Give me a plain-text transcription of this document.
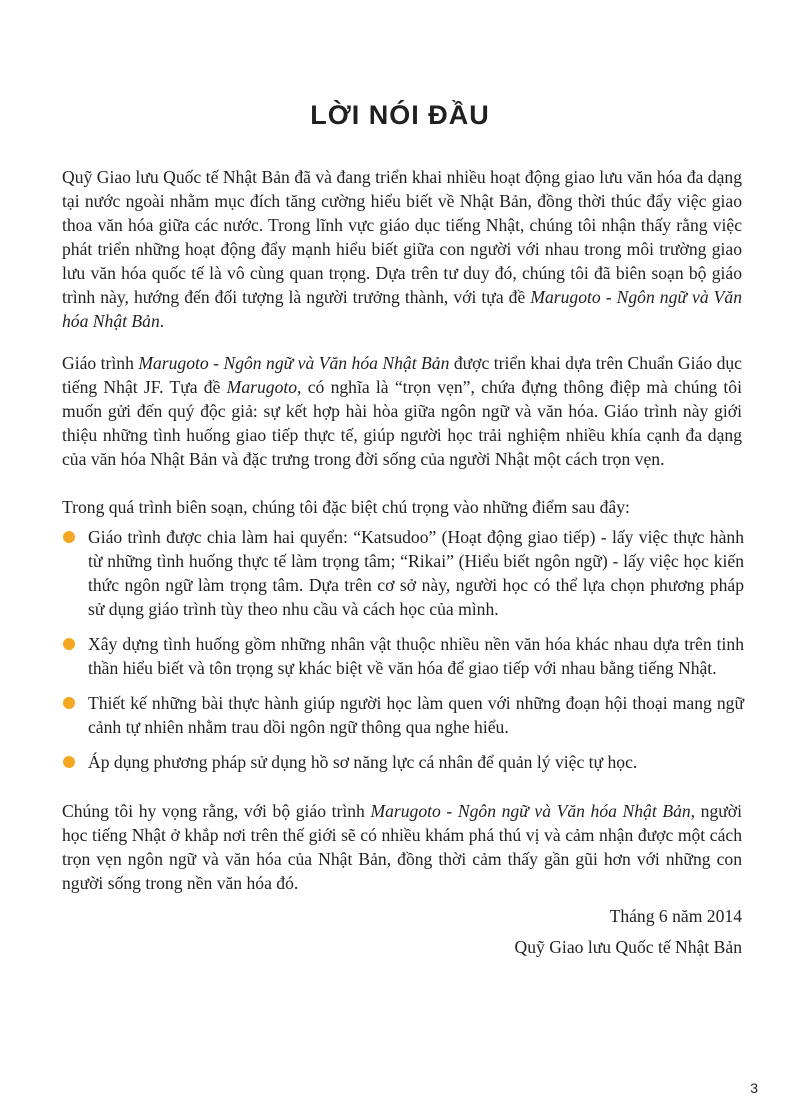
LỜI NÓI ĐẦU

Quỹ Giao lưu Quốc tế Nhật Bản đã và đang triển khai nhiều hoạt động giao lưu văn hóa đa dạng tại nước ngoài nhằm mục đích tăng cường hiểu biết về Nhật Bản, đồng thời thúc đẩy việc giao thoa văn hóa giữa các nước. Trong lĩnh vực giáo dục tiếng Nhật, chúng tôi nhận thấy rằng việc phát triển những hoạt động đẩy mạnh hiểu biết giữa con người với nhau trong môi trường giao lưu văn hóa quốc tế là vô cùng quan trọng. Dựa trên tư duy đó, chúng tôi đã biên soạn bộ giáo trình này, hướng đến đối tượng là người trưởng thành, với tựa đề Marugoto - Ngôn ngữ và Văn hóa Nhật Bản.

Giáo trình Marugoto - Ngôn ngữ và Văn hóa Nhật Bản được triển khai dựa trên Chuẩn Giáo dục tiếng Nhật JF. Tựa đề Marugoto, có nghĩa là “trọn vẹn”, chứa đựng thông điệp mà chúng tôi muốn gửi đến quý độc giả: sự kết hợp hài hòa giữa ngôn ngữ và văn hóa. Giáo trình này giới thiệu những tình huống giao tiếp thực tế, giúp người học trải nghiệm nhiều khía cạnh đa dạng của văn hóa Nhật Bản và đặc trưng trong đời sống của người Nhật một cách trọn vẹn.

Trong quá trình biên soạn, chúng tôi đặc biệt chú trọng vào những điểm sau đây:

Giáo trình được chia làm hai quyển: “Katsudoo” (Hoạt động giao tiếp) - lấy việc thực hành từ những tình huống thực tế làm trọng tâm; “Rikai” (Hiểu biết ngôn ngữ) - lấy việc học kiến thức ngôn ngữ làm trọng tâm. Dựa trên cơ sở này, người học có thể lựa chọn phương pháp sử dụng giáo trình tùy theo nhu cầu và cách học của mình.
Xây dựng tình huống gồm những nhân vật thuộc nhiều nền văn hóa khác nhau dựa trên tinh thần hiểu biết và tôn trọng sự khác biệt về văn hóa để giao tiếp với nhau bằng tiếng Nhật.
Thiết kế những bài thực hành giúp người học làm quen với những đoạn hội thoại mang ngữ cảnh tự nhiên nhằm trau dồi ngôn ngữ thông qua nghe hiểu.
Áp dụng phương pháp sử dụng hồ sơ năng lực cá nhân để quản lý việc tự học.

Chúng tôi hy vọng rằng, với bộ giáo trình Marugoto - Ngôn ngữ và Văn hóa Nhật Bản, người học tiếng Nhật ở khắp nơi trên thế giới sẽ có nhiều khám phá thú vị và cảm nhận được một cách trọn vẹn ngôn ngữ và văn hóa của Nhật Bản, đồng thời cảm thấy gần gũi hơn với những con người sống trong nền văn hóa đó.

Tháng 6 năm 2014
Quỹ Giao lưu Quốc tế Nhật Bản
3
